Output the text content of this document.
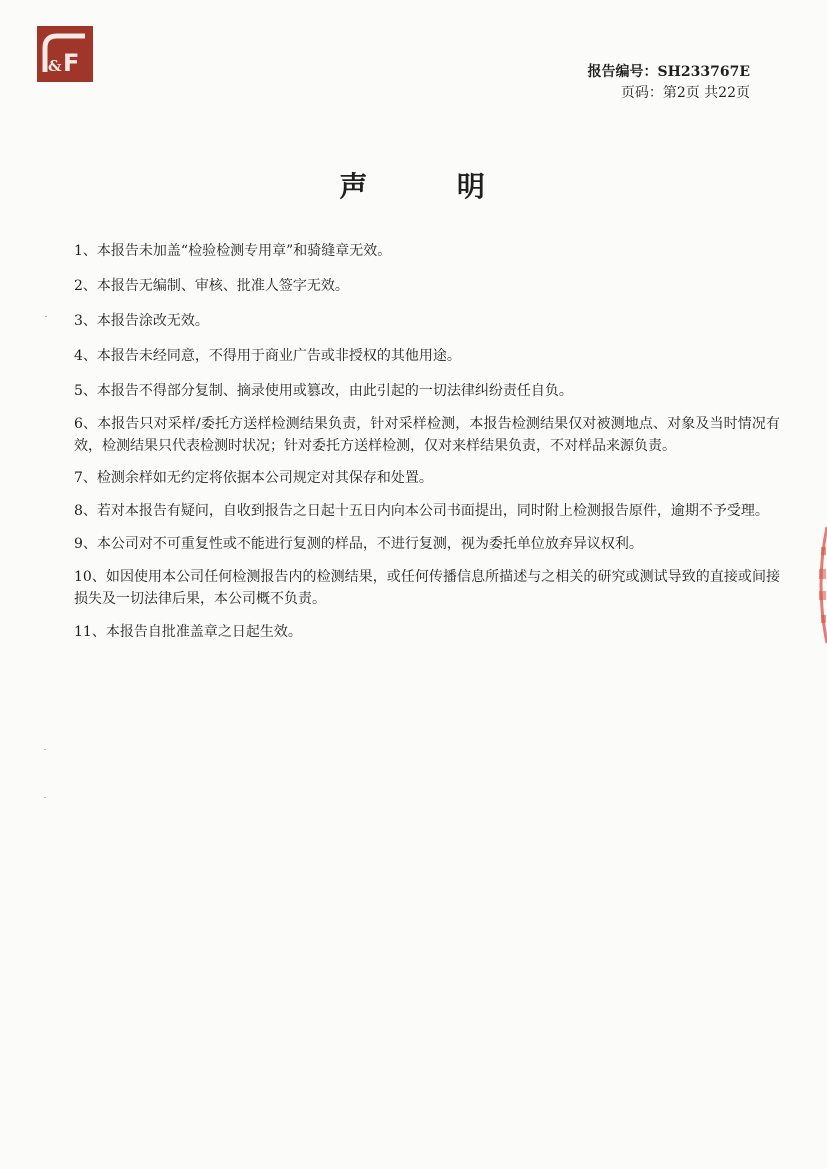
& F	报告编号：SH233767E
页码：第2页 共22页
声	明
1、本报告未加盖“检验检测专用章”和骑缝章无效。
2、本报告无编制、审核、批准人签字无效。
3、本报告涂改无效。
4、本报告未经同意，不得用于商业广告或非授权的其他用途。
5、本报告不得部分复制、摘录使用或篡改，由此引起的一切法律纠纷责任自负。
6、本报告只对采样/委托方送样检测结果负责，针对采样检测，本报告检测结果仅对被测地点、对象及当时情况有效，检测结果只代表检测时状况；针对委托方送样检测，仅对来样结果负责，不对样品来源负责。
7、检测余样如无约定将依据本公司规定对其保存和处置。
8、若对本报告有疑问，自收到报告之日起十五日内向本公司书面提出，同时附上检测报告原件，逾期不予受理。
9、本公司对不可重复性或不能进行复测的样品，不进行复测，视为委托单位放弃异议权利。
10、如因使用本公司任何检测报告内的检测结果，或任何传播信息所描述与之相关的研究或测试导致的直接或间接损失及一切法律后果，本公司概不负责。
11、本报告自批准盖章之日起生效。
